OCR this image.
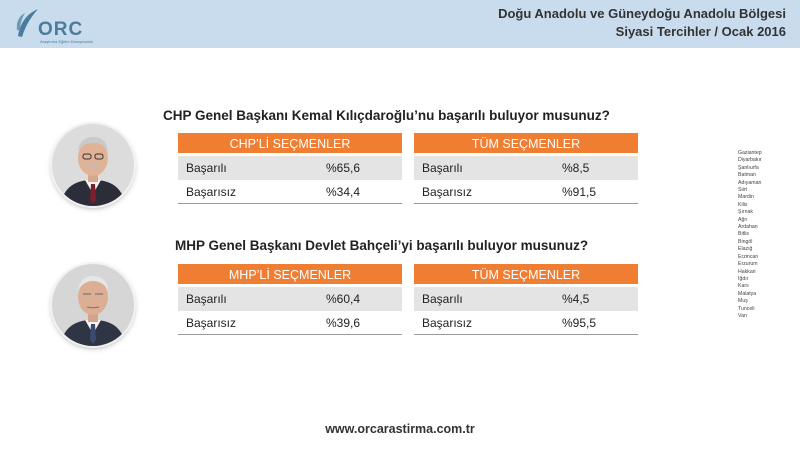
ORC
Araştırma Eğitim Danışmanlık
Doğu Anadolu ve Güneydoğu Anadolu Bölgesi
Siyasi Tercihler / Ocak 2016
CHP Genel Başkanı Kemal Kılıçdaroğlu’nu başarılı buluyor musunuz?
CHP’Lİ SEÇMENLER
Başarılı	%65,6
Başarısız	%34,4
TÜM SEÇMENLER
Başarılı	%8,5
Başarısız	%91,5
MHP Genel Başkanı Devlet Bahçeli’yi başarılı buluyor musunuz?
MHP’Lİ SEÇMENLER
Başarılı	%60,4
Başarısız	%39,6
TÜM SEÇMENLER
Başarılı	%4,5
Başarısız	%95,5
Gaziantep
Diyarbakır
Şanlıurfa
Batman
Adıyaman
Siirt
Mardin
Kilis
Şırnak
Ağrı
Ardahan
Bitlis
Bingöl
Elazığ
Erzincan
Erzurum
Hakkari
Iğdır
Kars
Malatya
Muş
Tunceli
Van
www.orcarastirma.com.tr
